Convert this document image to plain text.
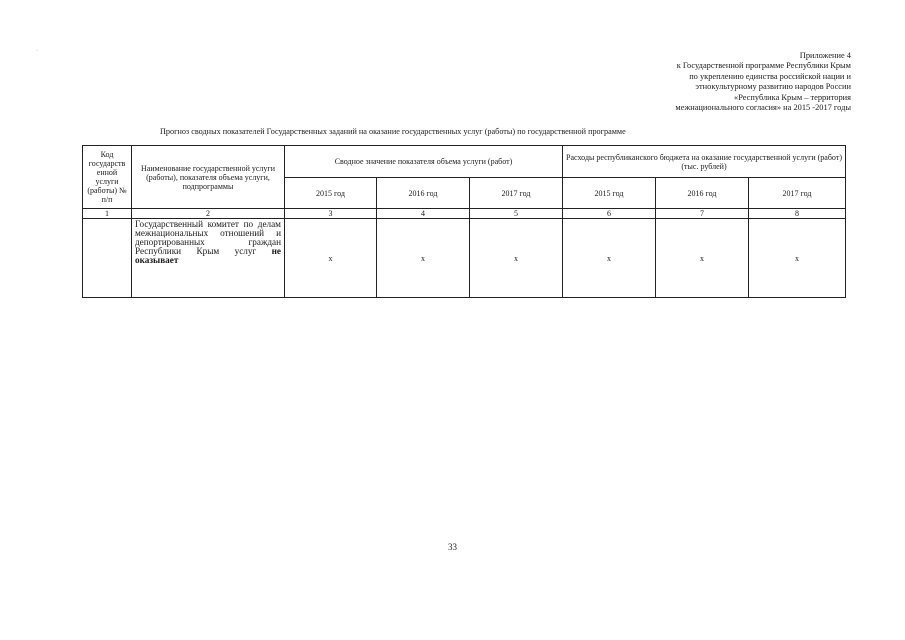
·	Приложение 4
к Государственной программе Республики Крым
по укреплению единства российской нации и
этнокультурному развитию народов России
«Республика Крым – территория
межнационального согласия» на 2015 -2017 годы
Прогноз сводных показателей Государственных заданий на оказание государственных услуг (работы) по государственной программе
Код государств енной услуги (работы) № п/п	Наименование государственной услуги (работы), показателя объема услуги, подпрограммы	Сводное значение показателя объема услуги (работ)			Расходы республиканского бюджета на оказание государственной услуги (работ) (тыс. рублей)		
		2015 год	2016 год	2017 год	2015 год	2016 год	2017 год
1	2	3	4	5	6	7	8
	Государственный комитет по делам межнациональных отношений и депортированных граждан Республики Крым услуг не оказывает	х	х	х	х	х	х
33
